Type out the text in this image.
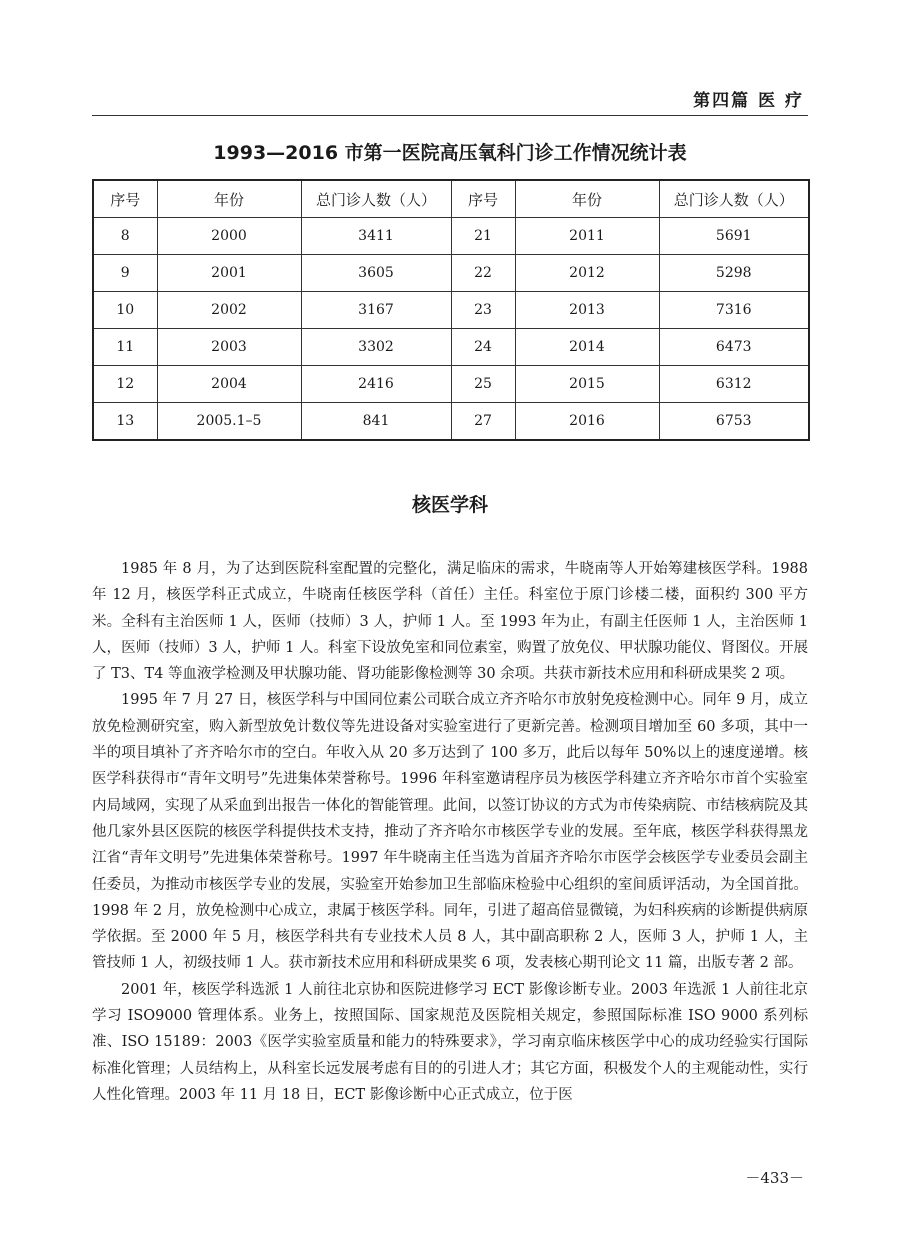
第四篇 医 疗
1993—2016 市第一医院高压氧科门诊工作情况统计表
序号	年份	总门诊人数（人）	序号	年份	总门诊人数（人）
8	2000	3411	21	2011	5691
9	2001	3605	22	2012	5298
10	2002	3167	23	2013	7316
11	2003	3302	24	2014	6473
12	2004	2416	25	2015	6312
13	2005.1–5	841	27	2016	6753
核医学科

1985 年 8 月，为了达到医院科室配置的完整化，满足临床的需求，牛晓南等人开始筹建核医学科。1988 年 12 月，核医学科正式成立，牛晓南任核医学科（首任）主任。科室位于原门诊楼二楼，面积约 300 平方米。全科有主治医师 1 人，医师（技师）3 人，护师 1 人。至 1993 年为止，有副主任医师 1 人，主治医师 1 人，医师（技师）3 人，护师 1 人。科室下设放免室和同位素室，购置了放免仪、甲状腺功能仪、肾图仪。开展了 T3、T4 等血液学检测及甲状腺功能、肾功能影像检测等 30 余项。共获市新技术应用和科研成果奖 2 项。

1995 年 7 月 27 日，核医学科与中国同位素公司联合成立齐齐哈尔市放射免疫检测中心。同年 9 月，成立放免检测研究室，购入新型放免计数仪等先进设备对实验室进行了更新完善。检测项目增加至 60 多项，其中一半的项目填补了齐齐哈尔市的空白。年收入从 20 多万达到了 100 多万，此后以每年 50%以上的速度递增。核医学科获得市“青年文明号”先进集体荣誉称号。1996 年科室邀请程序员为核医学科建立齐齐哈尔市首个实验室内局域网，实现了从采血到出报告一体化的智能管理。此间，以签订协议的方式为市传染病院、市结核病院及其他几家外县区医院的核医学科提供技术支持，推动了齐齐哈尔市核医学专业的发展。至年底，核医学科获得黑龙江省“青年文明号”先进集体荣誉称号。1997 年牛晓南主任当选为首届齐齐哈尔市医学会核医学专业委员会副主任委员，为推动市核医学专业的发展，实验室开始参加卫生部临床检验中心组织的室间质评活动，为全国首批。1998 年 2 月，放免检测中心成立，隶属于核医学科。同年，引进了超高倍显微镜，为妇科疾病的诊断提供病原学依据。至 2000 年 5 月，核医学科共有专业技术人员 8 人，其中副高职称 2 人，医师 3 人，护师 1 人，主管技师 1 人，初级技师 1 人。获市新技术应用和科研成果奖 6 项，发表核心期刊论文 11 篇，出版专著 2 部。

2001 年，核医学科选派 1 人前往北京协和医院进修学习 ECT 影像诊断专业。2003 年选派 1 人前往北京学习 ISO9000 管理体系。业务上，按照国际、国家规范及医院相关规定，参照国际标准 ISO 9000 系列标准、ISO 15189：2003《医学实验室质量和能力的特殊要求》，学习南京临床核医学中心的成功经验实行国际标准化管理；人员结构上，从科室长远发展考虑有目的的引进人才；其它方面，积极发个人的主观能动性，实行人性化管理。2003 年 11 月 18 日，ECT 影像诊断中心正式成立，位于医

－433－
